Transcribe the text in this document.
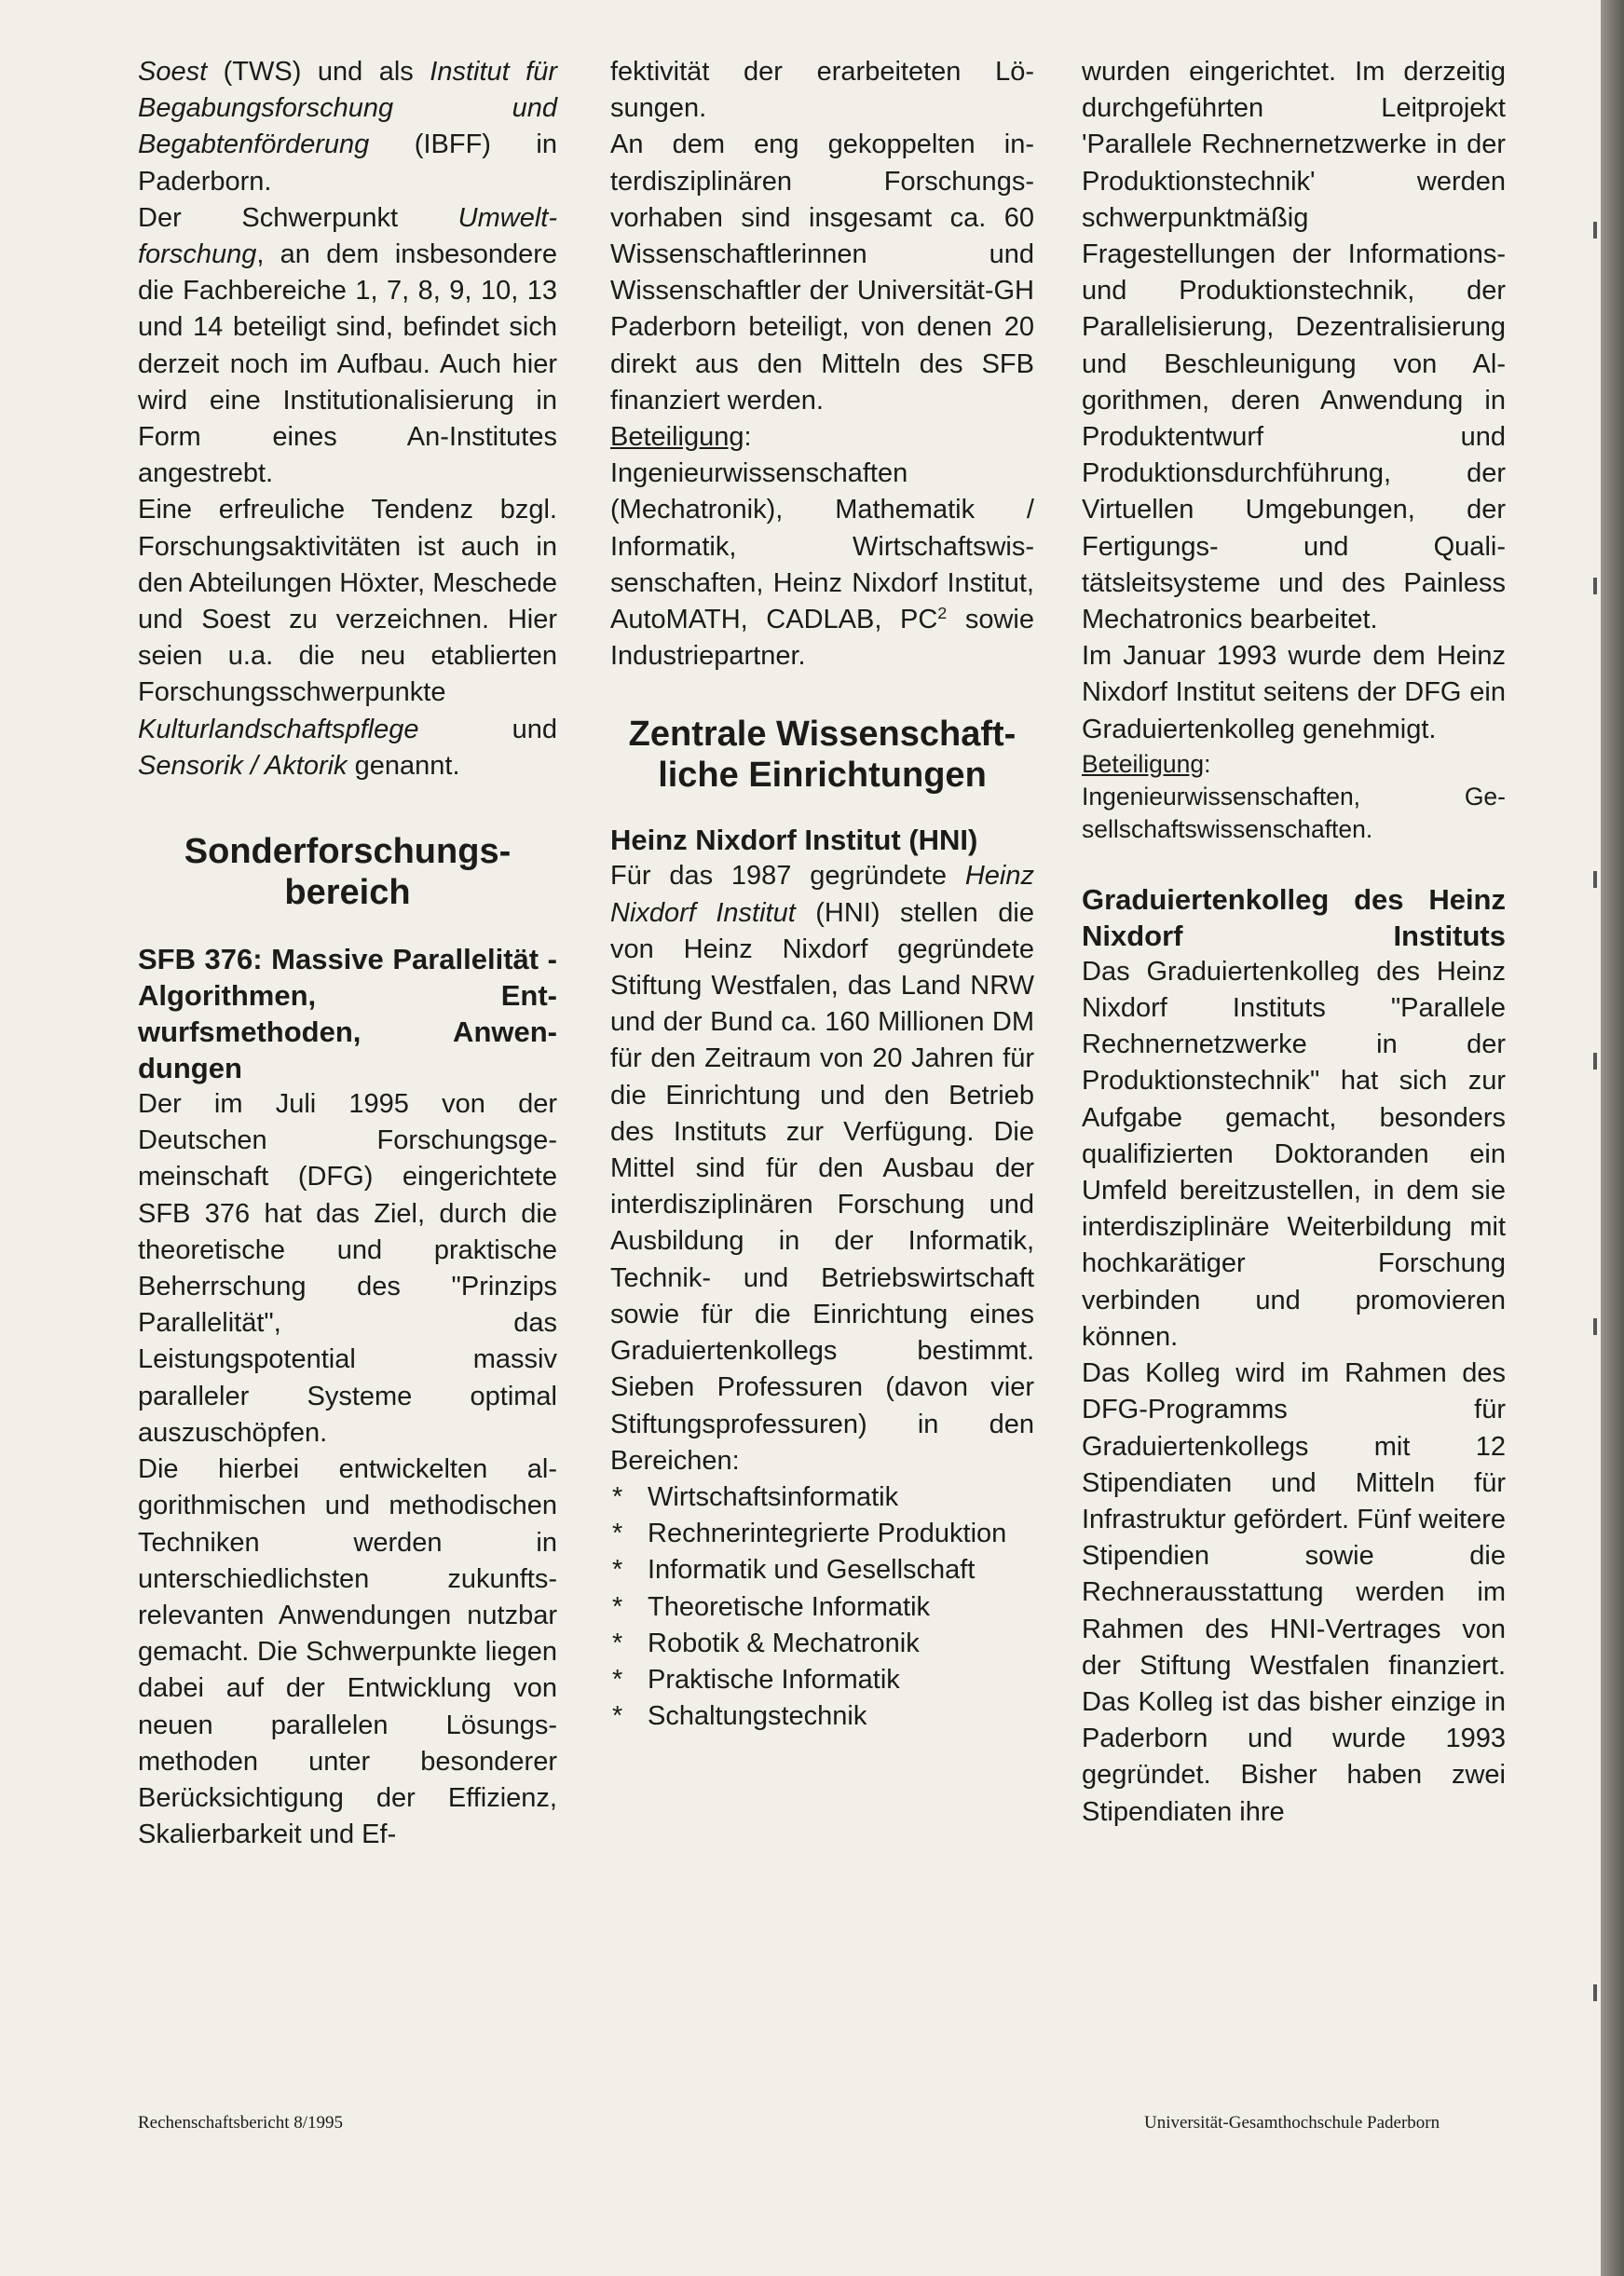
Soest (TWS) und als Institut für Begabungsforschung und Begabtenförderung (IBFF) in Paderborn.

Der Schwerpunkt Umweltforschung, an dem insbesondere die Fachbereiche 1, 7, 8, 9, 10, 13 und 14 beteiligt sind, befindet sich derzeit noch im Aufbau. Auch hier wird eine Institutionalisierung in Form eines An-Institutes angestrebt.

Eine erfreuliche Tendenz bzgl. Forschungsaktivitäten ist auch in den Abteilungen Höxter, Meschede und Soest zu verzeichnen. Hier seien u.a. die neu etablierten Forschungsschwerpunkte Kulturlandschaftspflege und Sensorik / Aktorik genannt.

Sonderforschungsbereich
SFB 376: Massive Parallelität - Algorithmen, Entwurfsmethoden, Anwendungen

Der im Juli 1995 von der Deutschen Forschungsgemeinschaft (DFG) eingerichtete SFB 376 hat das Ziel, durch die theoretische und praktische Beherrschung des "Prinzips Parallelität", das Leistungspotential massiv paralleler Systeme optimal auszuschöpfen.

Die hierbei entwickelten algorithmischen und methodischen Techniken werden in unterschiedlichsten zukunftsrelevanten Anwendungen nutzbar gemacht. Die Schwerpunkte liegen dabei auf der Entwicklung von neuen parallelen Lösungsmethoden unter besonderer Berücksichtigung der Effizienz, Skalierbarkeit und Ef-

fektivität der erarbeiteten Lösungen.

An dem eng gekoppelten interdisziplinären Forschungsvorhaben sind insgesamt ca. 60 Wissenschaftlerinnen und Wissenschaftler der Universität-GH Paderborn beteiligt, von denen 20 direkt aus den Mitteln des SFB finanziert werden.

Beteiligung:

Ingenieurwissenschaften (Mechatronik), Mathematik / Informatik, Wirtschaftswissenschaften, Heinz Nixdorf Institut, AutoMATH, CADLAB, $PC^2$ sowie Industriepartner.

Zentrale Wissenschaftliche Einrichtungen
Heinz Nixdorf Institut (HNI)

Für das 1987 gegründete Heinz Nixdorf Institut (HNI) stellen die von Heinz Nixdorf gegründete Stiftung Westfalen, das Land NRW und der Bund ca. 160 Millionen DM für den Zeitraum von 20 Jahren für die Einrichtung und den Betrieb des Instituts zur Verfügung. Die Mittel sind für den Ausbau der interdisziplinären Forschung und Ausbildung in der Informatik, Technik- und Betriebswirtschaft sowie für die Einrichtung eines Graduiertenkollegs bestimmt. Sieben Professuren (davon vier Stiftungsprofessuren) in den Bereichen:

* Wirtschaftsinformatik
* Rechnerintegrierte Produktion
* Informatik und Gesellschaft
* Theoretische Informatik
* Robotik & Mechatronik
* Praktische Informatik
* Schaltungstechnik

wurden eingerichtet. Im derzeitig durchgeführten Leitprojekt 'Parallele Rechnernetzwerke in der Produktionstechnik' werden schwerpunktmäßig Fragestellungen der Informations- und Produktionstechnik, der Parallelisierung, Dezentralisierung und Beschleunigung von Algorithmen, deren Anwendung in Produktentwurf und Produktionsdurchführung, der Virtuellen Umgebungen, der Fertigungs- und Qualitätsleitsysteme und des Painless Mechatronics bearbeitet.

Im Januar 1993 wurde dem Heinz Nixdorf Institut seitens der DFG ein Graduiertenkolleg genehmigt.

Beteiligung:

Ingenieurwissenschaften, Gesellschaftswissenschaften.

Graduiertenkolleg des Heinz Nixdorf Instituts

Das Graduiertenkolleg des Heinz Nixdorf Instituts "Parallele Rechnernetzwerke in der Produktionstechnik" hat sich zur Aufgabe gemacht, besonders qualifizierten Doktoranden ein Umfeld bereitzustellen, in dem sie interdisziplinäre Weiterbildung mit hochkarätiger Forschung verbinden und promovieren können.

Das Kolleg wird im Rahmen des DFG-Programms für Graduiertenkollegs mit 12 Stipendiaten und Mitteln für Infrastruktur gefördert. Fünf weitere Stipendien sowie die Rechnerausstattung werden im Rahmen des HNI-Vertrages von der Stiftung Westfalen finanziert. Das Kolleg ist das bisher einzige in Paderborn und wurde 1993 gegründet. Bisher haben zwei Stipendiaten ihre

Rechenschaftsbericht 8/1995	Universität-Gesamthochschule Paderborn
